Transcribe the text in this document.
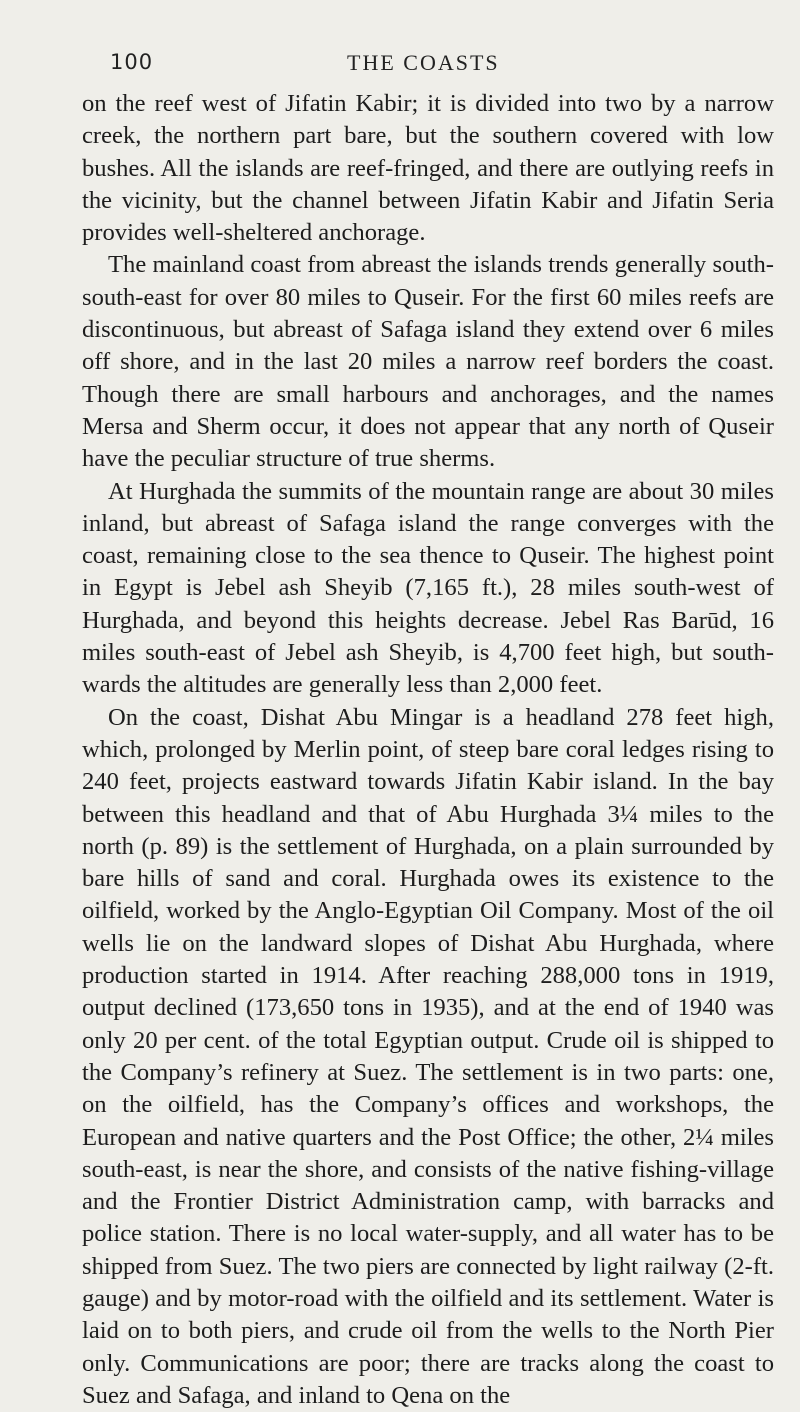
100	THE COASTS

on the reef west of Jifatin Kabir; it is divided into two by a narrow creek, the northern part bare, but the southern covered with low bushes. All the islands are reef-fringed, and there are outlying reefs in the vicinity, but the channel between Jifatin Kabir and Jifatin Seria provides well-sheltered anchorage.

The mainland coast from abreast the islands trends generally south-south-east for over 80 miles to Quseir. For the first 60 miles reefs are discontinuous, but abreast of Safaga island they extend over 6 miles off shore, and in the last 20 miles a narrow reef borders the coast. Though there are small harbours and anchorages, and the names Mersa and Sherm occur, it does not appear that any north of Quseir have the peculiar structure of true sherms.

At Hurghada the summits of the mountain range are about 30 miles inland, but abreast of Safaga island the range converges with the coast, remaining close to the sea thence to Quseir. The highest point in Egypt is Jebel ash Sheyib (7,165 ft.), 28 miles south-west of Hurghada, and beyond this heights decrease. Jebel Ras Barūd, 16 miles south-east of Jebel ash Sheyib, is 4,700 feet high, but south-wards the altitudes are generally less than 2,000 feet.

On the coast, Dishat Abu Mingar is a headland 278 feet high, which, prolonged by Merlin point, of steep bare coral ledges rising to 240 feet, projects eastward towards Jifatin Kabir island. In the bay between this headland and that of Abu Hurghada 3¼ miles to the north (p. 89) is the settlement of Hurghada, on a plain surrounded by bare hills of sand and coral. Hurghada owes its existence to the oilfield, worked by the Anglo-Egyptian Oil Company. Most of the oil wells lie on the landward slopes of Dishat Abu Hurghada, where production started in 1914. After reaching 288,000 tons in 1919, output declined (173,650 tons in 1935), and at the end of 1940 was only 20 per cent. of the total Egyptian output. Crude oil is shipped to the Company’s refinery at Suez. The settlement is in two parts: one, on the oilfield, has the Company’s offices and workshops, the European and native quarters and the Post Office; the other, 2¼ miles south-east, is near the shore, and consists of the native fishing-village and the Frontier District Administration camp, with barracks and police station. There is no local water-supply, and all water has to be shipped from Suez. The two piers are connected by light railway (2-ft. gauge) and by motor-road with the oilfield and its settlement. Water is laid on to both piers, and crude oil from the wells to the North Pier only. Communications are poor; there are tracks along the coast to Suez and Safaga, and inland to Qena on the
